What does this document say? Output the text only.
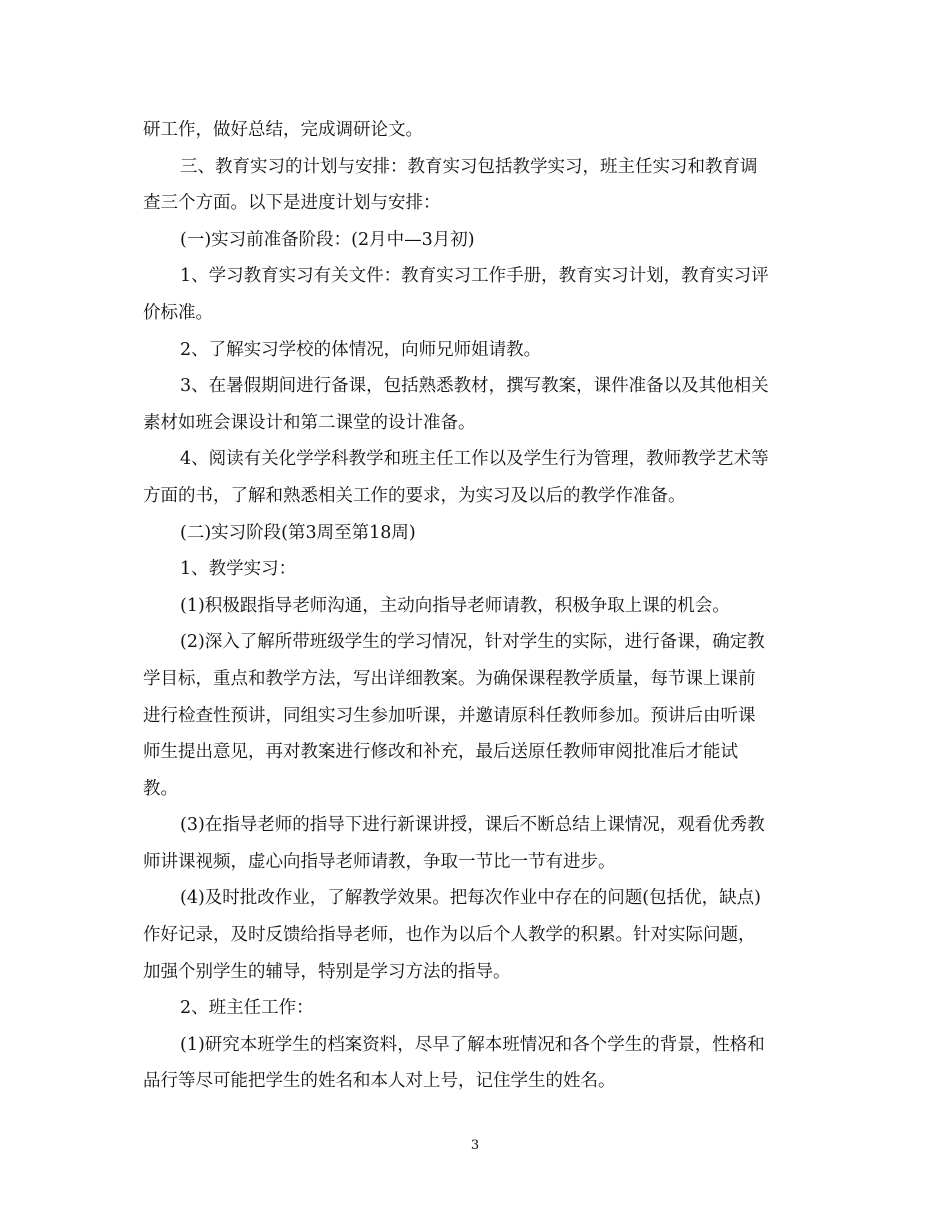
研工作，做好总结，完成调研论文。
三、教育实习的计划与安排：教育实习包括教学实习，班主任实习和教育调
查三个方面。以下是进度计划与安排：
(一)实习前准备阶段：(2月中—3月初)
1、学习教育实习有关文件：教育实习工作手册，教育实习计划，教育实习评
价标准。
2、了解实习学校的体情况，向师兄师姐请教。
3、在暑假期间进行备课，包括熟悉教材，撰写教案，课件准备以及其他相关
素材如班会课设计和第二课堂的设计准备。
4、阅读有关化学学科教学和班主任工作以及学生行为管理，教师教学艺术等
方面的书，了解和熟悉相关工作的要求，为实习及以后的教学作准备。
(二)实习阶段(第3周至第18周)
1、教学实习：
(1)积极跟指导老师沟通，主动向指导老师请教，积极争取上课的机会。
(2)深入了解所带班级学生的学习情况，针对学生的实际，进行备课，确定教
学目标，重点和教学方法，写出详细教案。为确保课程教学质量，每节课上课前
进行检查性预讲，同组实习生参加听课，并邀请原科任教师参加。预讲后由听课
师生提出意见，再对教案进行修改和补充，最后送原任教师审阅批准后才能试
教。
(3)在指导老师的指导下进行新课讲授，课后不断总结上课情况，观看优秀教
师讲课视频，虚心向指导老师请教，争取一节比一节有进步。
(4)及时批改作业，了解教学效果。把每次作业中存在的问题(包括优，缺点)
作好记录，及时反馈给指导老师，也作为以后个人教学的积累。针对实际问题，
加强个别学生的辅导，特别是学习方法的指导。
2、班主任工作：
(1)研究本班学生的档案资料，尽早了解本班情况和各个学生的背景，性格和
品行等尽可能把学生的姓名和本人对上号，记住学生的姓名。
3
